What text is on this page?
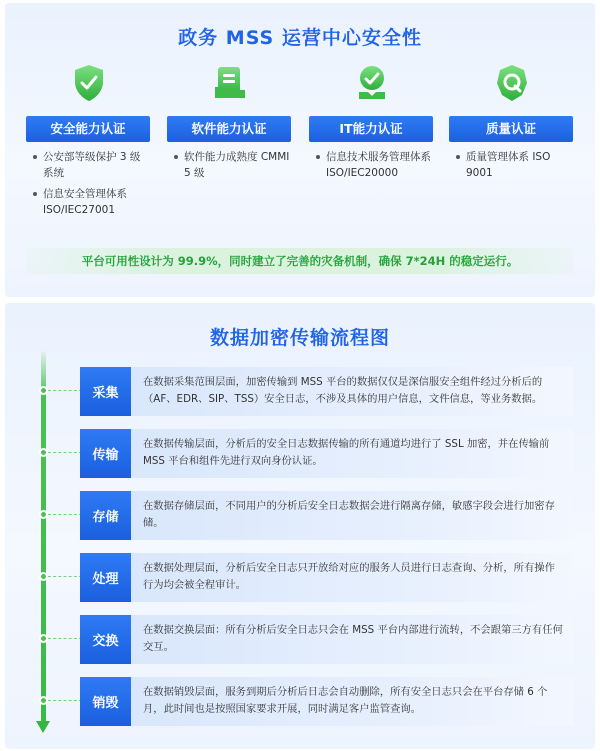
政务 MSS 运营中心安全性
安全能力认证
公安部等级保护 3 级系统
信息安全管理体系 ISO/IEC27001
软件能力认证
软件能力成熟度 CMMI 5 级
IT能力认证
信息技术服务管理体系 ISO/IEC20000
质量认证
质量管理体系 ISO 9001
平台可用性设计为 99.9%，同时建立了完善的灾备机制，确保 7*24H 的稳定运行。
数据加密传输流程图
采集
在数据采集范围层面，加密传输到 MSS 平台的数据仅仅是深信服安全组件经过分析后的（AF、EDR、SIP、TSS）安全日志，不涉及具体的用户信息，文件信息，等业务数据。
传输
在数据传输层面，分析后的安全日志数据传输的所有通道均进行了 SSL 加密，并在传输前 MSS 平台和组件先进行双向身份认证。
存储
在数据存储层面，不同用户的分析后安全日志数据会进行隔离存储，敏感字段会进行加密存储。
处理
在数据处理层面，分析后安全日志只开放给对应的服务人员进行日志查询、分析，所有操作行为均会被全程审计。
交换
在数据交换层面：所有分析后安全日志只会在 MSS 平台内部进行流转，不会跟第三方有任何交互。
销毁
在数据销毁层面，服务到期后分析后日志会自动删除，所有安全日志只会在平台存储 6 个月，此时间也是按照国家要求开展，同时满足客户监管查询。
